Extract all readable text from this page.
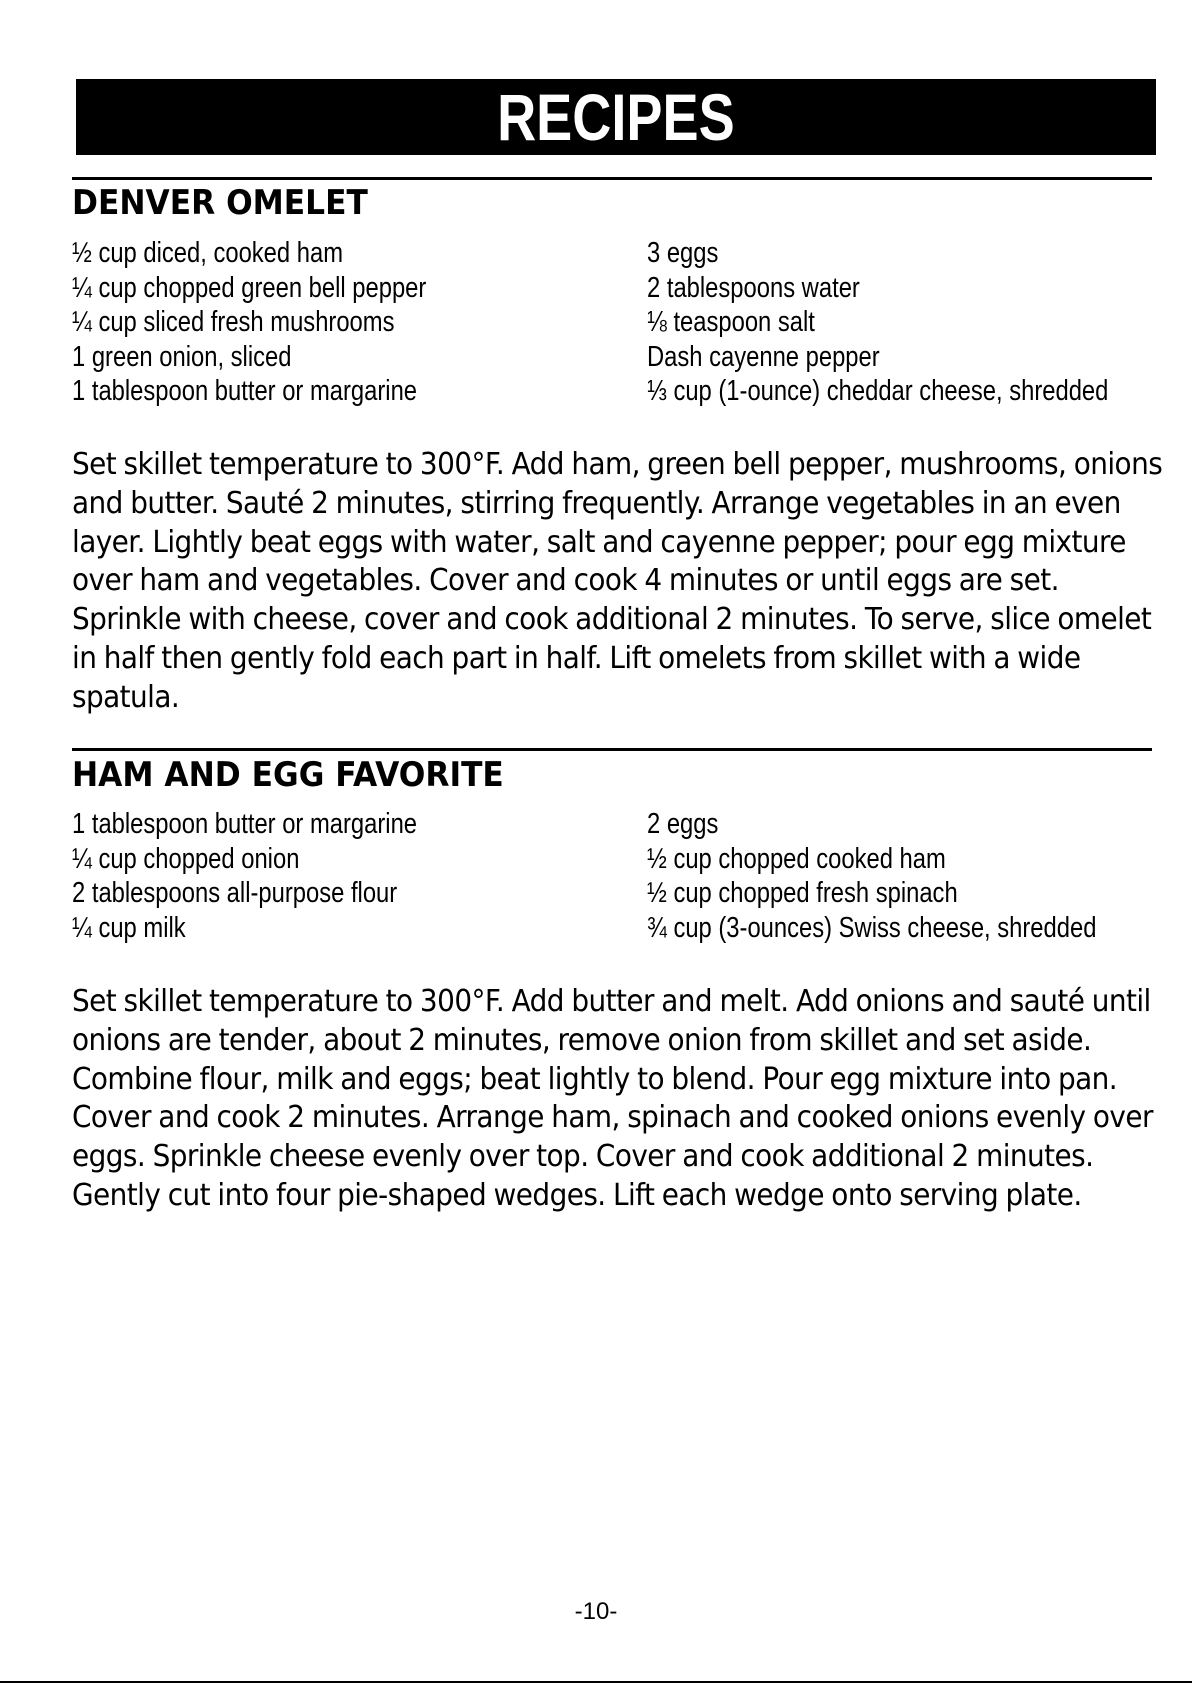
RECIPES
DENVER OMELET
½ cup diced, cooked ham
¼ cup chopped green bell pepper
¼ cup sliced fresh mushrooms
1 green onion, sliced
1 tablespoon butter or margarine
3 eggs
2 tablespoons water
⅛ teaspoon salt
Dash cayenne pepper
⅓ cup (1-ounce) cheddar cheese, shredded

Set skillet temperature to 300°F. Add ham, green bell pepper, mushrooms, onions
and butter. Sauté 2 minutes, stirring frequently. Arrange vegetables in an even
layer. Lightly beat eggs with water, salt and cayenne pepper; pour egg mixture
over ham and vegetables. Cover and cook 4 minutes or until eggs are set.
Sprinkle with cheese, cover and cook additional 2 minutes. To serve, slice omelet
in half then gently fold each part in half. Lift omelets from skillet with a wide
spatula.

HAM AND EGG FAVORITE
1 tablespoon butter or margarine
¼ cup chopped onion
2 tablespoons all-purpose flour
¼ cup milk
2 eggs
½ cup chopped cooked ham
½ cup chopped fresh spinach
¾ cup (3-ounces) Swiss cheese, shredded

Set skillet temperature to 300°F. Add butter and melt. Add onions and sauté until
onions are tender, about 2 minutes, remove onion from skillet and set aside.
Combine flour, milk and eggs; beat lightly to blend. Pour egg mixture into pan.
Cover and cook 2 minutes. Arrange ham, spinach and cooked onions evenly over
eggs. Sprinkle cheese evenly over top. Cover and cook additional 2 minutes.
Gently cut into four pie-shaped wedges. Lift each wedge onto serving plate.

-10-
